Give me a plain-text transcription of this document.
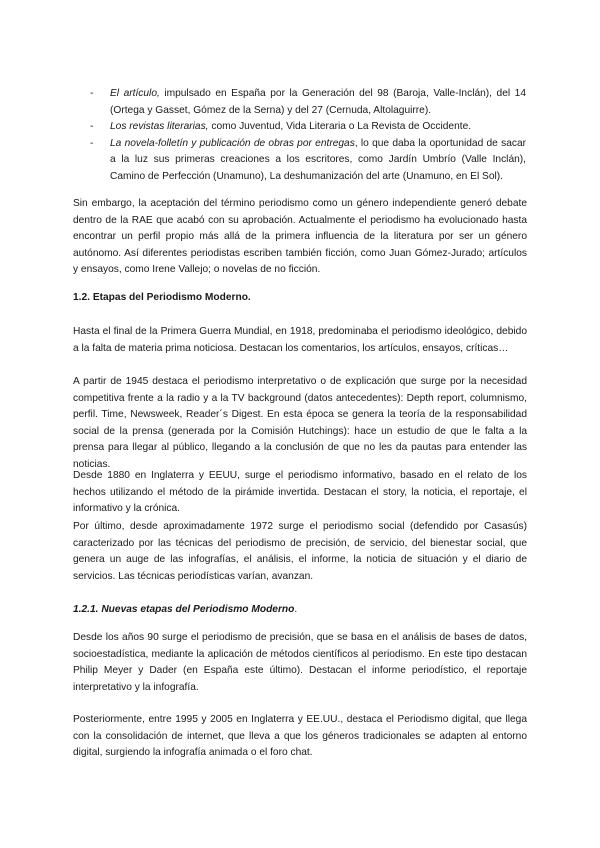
- El artículo, impulsado en España por la Generación del 98 (Baroja, Valle-Inclán), del 14 (Ortega y Gasset, Gómez de la Serna) y del 27 (Cernuda, Altolaguirre).
- Los revistas literarias, como Juventud, Vida Literaria o La Revista de Occidente.
- La novela-folletín y publicación de obras por entregas, lo que daba la oportunidad de sacar a la luz sus primeras creaciones a los escritores, como Jardín Umbrío (Valle Inclán), Camino de Perfección (Unamuno), La deshumanización del arte (Unamuno, en El Sol).

Sin embargo, la aceptación del término periodismo como un género independiente generó debate dentro de la RAE que acabó con su aprobación. Actualmente el periodismo ha evolucionado hasta encontrar un perfil propio más allá de la primera influencia de la literatura por ser un género autónomo. Así diferentes periodistas escriben también ficción, como Juan Gómez-Jurado; artículos y ensayos, como Irene Vallejo; o novelas de no ficción.

1.2. Etapas del Periodismo Moderno.

Hasta el final de la Primera Guerra Mundial, en 1918, predominaba el periodismo ideológico, debido a la falta de materia prima noticiosa. Destacan los comentarios, los artículos, ensayos, críticas…

A partir de 1945 destaca el periodismo interpretativo o de explicación que surge por la necesidad competitiva frente a la radio y a la TV background (datos antecedentes): Depth report, columnismo, perfil. Time, Newsweek, Reader´s Digest. En esta época se genera la teoría de la responsabilidad social de la prensa (generada por la Comisión Hutchings): hace un estudio de que le falta a la prensa para llegar al público, llegando a la conclusión de que no les da pautas para entender las noticias.

Desde 1880 en Inglaterra y EEUU, surge el periodismo informativo, basado en el relato de los hechos utilizando el método de la pirámide invertida. Destacan el story, la noticia, el reportaje, el informativo y la crónica.

Por último, desde aproximadamente 1972 surge el periodismo social (defendido por Casasús) caracterizado por las técnicas del periodismo de precisión, de servicio, del bienestar social, que genera un auge de las infografías, el análisis, el informe, la noticia de situación y el diario de servicios. Las técnicas periodísticas varían, avanzan.

1.2.1. Nuevas etapas del Periodismo Moderno.

Desde los años 90 surge el periodismo de precisión, que se basa en el análisis de bases de datos, socioestadística, mediante la aplicación de métodos científicos al periodismo. En este tipo destacan Philip Meyer y Dader (en España este último). Destacan el informe periodístico, el reportaje interpretativo y la infografía.

Posteriormente, entre 1995 y 2005 en Inglaterra y EE.UU., destaca el Periodismo digital, que llega con la consolidación de internet, que lleva a que los géneros tradicionales se adapten al entorno digital, surgiendo la infografía animada o el foro chat.
